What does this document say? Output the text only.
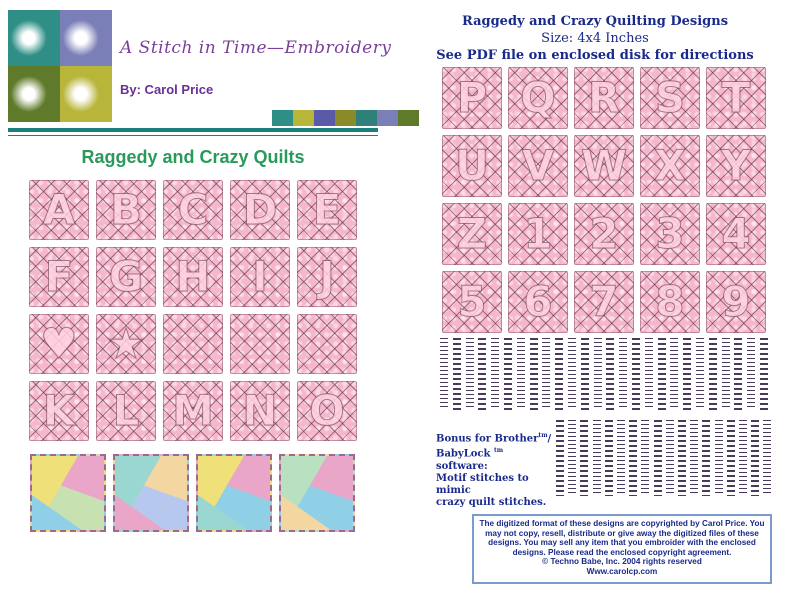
A Stitch in Time—Embroidery
By: Carol Price
Raggedy and Crazy Quilts
A B C D E
F G H I J
♥ ★
K L M N O
Raggedy and Crazy Quilting Designs
Size: 4x4 Inches
See PDF file on enclosed disk for directions
P Q R S T
U V W X Y
Z 1 2 3 4
5 6 7 8 9
Bonus for Brother$^{tm}$/
BabyLock $^{tm}$ software:
Motif stitches to mimic
crazy quilt stitches.
The digitized format of these designs are copyrighted by Carol Price. You may not copy, resell, distribute or give away the digitized files of these designs. You may sell any item that you embroider with the enclosed designs. Please read the enclosed copyright agreement.
© Techno Babe, Inc. 2004 rights reserved
Www.carolcp.com
